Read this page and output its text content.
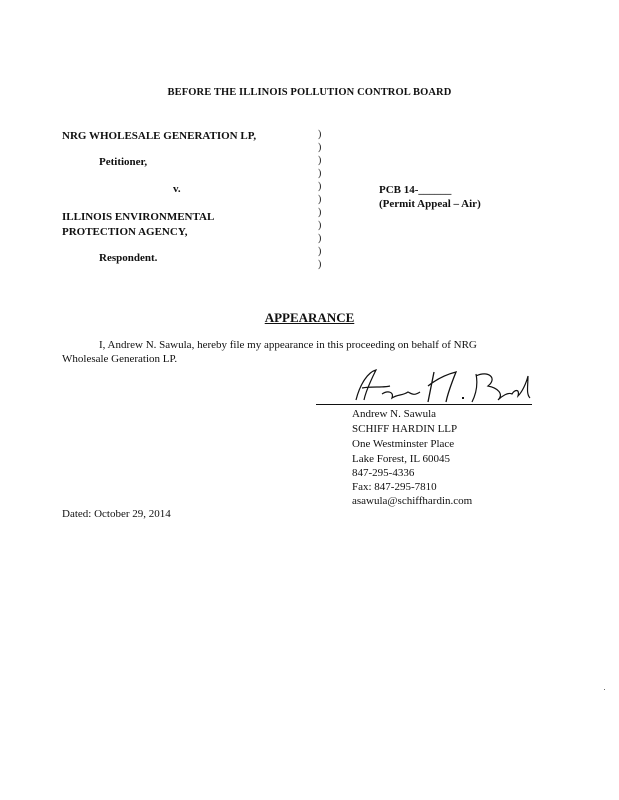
BEFORE THE ILLINOIS POLLUTION CONTROL BOARD
NRG WHOLESALE GENERATION LP,
Petitioner,
v.
ILLINOIS ENVIRONMENTAL
PROTECTION AGENCY,
Respondent.
)
)
)
)
)
)
)
)
)
)
)
PCB 14-______
(Permit Appeal – Air)
APPEARANCE
I, Andrew N. Sawula, hereby file my appearance in this proceeding on behalf of NRG
Wholesale Generation LP.
Andrew N. Sawula
SCHIFF HARDIN LLP
One Westminster Place
Lake Forest, IL 60045
847-295-4336
Fax: 847-295-7810
asawula@schiffhardin.com
Dated: October 29, 2014
